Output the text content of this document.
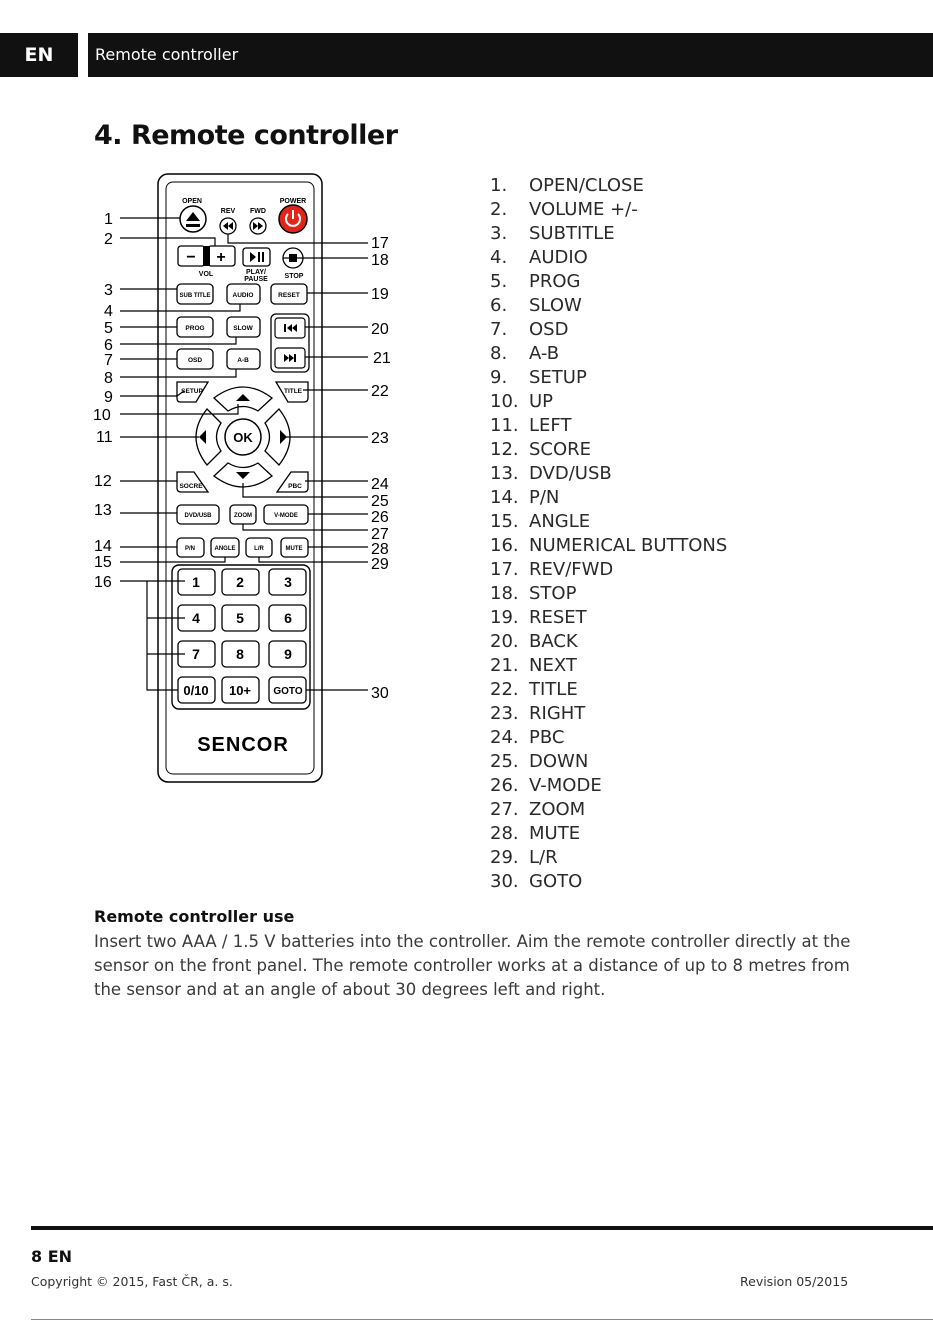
EN	Remote controller
4. Remote controller
OPEN
REV FWD
POWER
− +
VOL	PLAY/
PAUSE STOP
SUB TITLE	AUDIO	RESET
PROG	SLOW
OSD	A-B
SETUP	TITLE
OK
SOCRE	PBC
DVD/USB	ZOOM	V-MODE
P/N	ANGLE	L/R	MUTE
1	2	3
4	5	6
7	8	9
0/10 10+ GOTO
SENCOR
1
2
3
4
5
6
7
8
9
10
11
12
13
14
15
16
17
18
19
20
21
22
23
24
25
26
27
28
29
30
1. OPEN/CLOSE
2. VOLUME +/-
3. SUBTITLE
4. AUDIO
5. PROG
6. SLOW
7. OSD
8. A-B
9. SETUP
10. UP
11. LEFT
12. SCORE
13. DVD/USB
14. P/N
15. ANGLE
16. NUMERICAL BUTTONS
17. REV/FWD
18. STOP
19. RESET
20. BACK
21. NEXT
22. TITLE
23. RIGHT
24. PBC
25. DOWN
26. V-MODE
27. ZOOM
28. MUTE
29. L/R
30. GOTO
Remote controller use

Insert two AAA / 1.5 V batteries into the controller. Aim the remote controller directly at the sensor on the front panel. The remote controller works at a distance of up to 8 metres from the sensor and at an angle of about 30 degrees left and right.

8 EN
Copyright © 2015, Fast ČR, a. s.	Revision 05/2015
